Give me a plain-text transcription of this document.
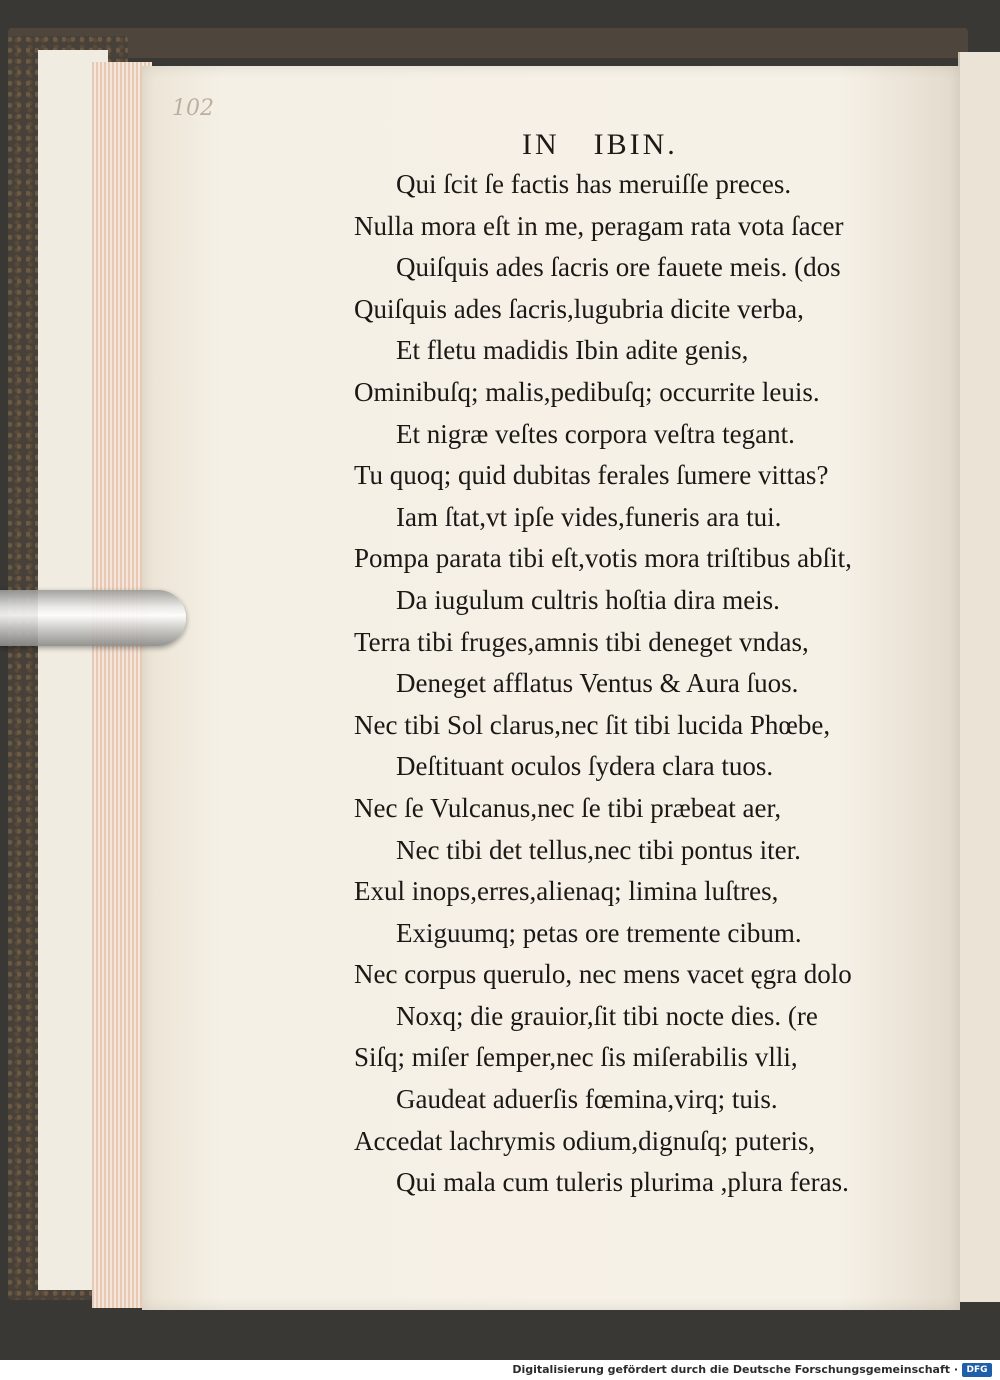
102
IN IBIN.
Qui ſcit ſe factis has meruiſſe preces.
Nulla mora eſt in me, peragam rata vota ſacer
Quiſquis ades ſacris ore fauete meis. (dos
Quiſquis ades ſacris,lugubria dicite verba,
Et fletu madidis Ibin adite genis,
Ominibuſq; malis,pedibuſq; occurrite leuis.
Et nigræ veſtes corpora veſtra tegant.
Tu quoq; quid dubitas ferales ſumere vittas?
Iam ſtat,vt ipſe vides,funeris ara tui.
Pompa parata tibi eſt,votis mora triſtibus abſit,
Da iugulum cultris hoſtia dira meis.
Terra tibi fruges,amnis tibi deneget vndas,
Deneget afflatus Ventus & Aura ſuos.
Nec tibi Sol clarus,nec ſit tibi lucida Phœbe,
Deſtituant oculos ſydera clara tuos.
Nec ſe Vulcanus,nec ſe tibi præbeat aer,
Nec tibi det tellus,nec tibi pontus iter.
Exul inops,erres,alienaq; limina luſtres,
Exiguumq; petas ore tremente cibum.
Nec corpus querulo, nec mens vacet ęgra dolo
Noxq; die grauior,ſit tibi nocte dies. (re
Siſq; miſer ſemper,nec ſis miſerabilis vlli,
Gaudeat aduerſis fœmina,virq; tuis.
Accedat lachrymis odium,dignuſq; puteris,
Qui mala cum tuleris plurima ,plura feras.
Digitalisierung gefördert durch die Deutsche Forschungsgemeinschaft · DFG
